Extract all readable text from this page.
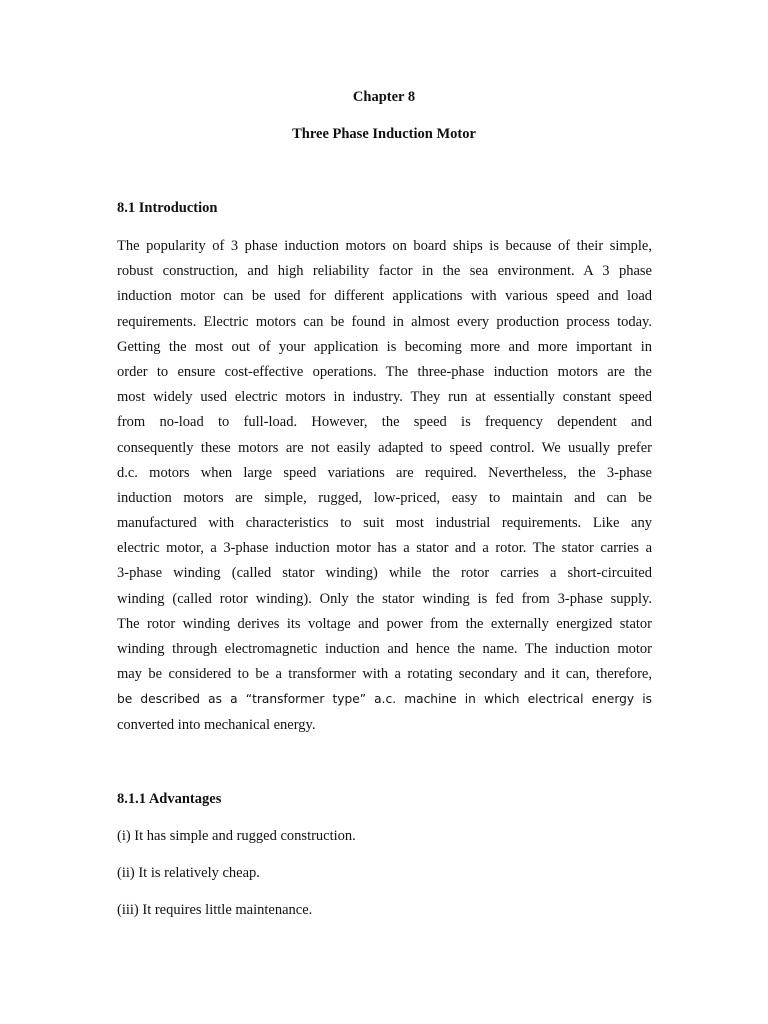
Chapter 8
Three Phase Induction Motor
8.1 Introduction
The popularity of 3 phase induction motors on board ships is because of their simple,
robust construction, and high reliability factor in the sea environment. A 3 phase
induction motor can be used for different applications with various speed and load
requirements. Electric motors can be found in almost every production process today.
Getting the most out of your application is becoming more and more important in
order to ensure cost-effective operations. The three-phase induction motors are the
most widely used electric motors in industry. They run at essentially constant speed
from no-load to full-load. However, the speed is frequency dependent and
consequently these motors are not easily adapted to speed control. We usually prefer
d.c. motors when large speed variations are required. Nevertheless, the 3-phase
induction motors are simple, rugged, low-priced, easy to maintain and can be
manufactured with characteristics to suit most industrial requirements. Like any
electric motor, a 3-phase induction motor has a stator and a rotor. The stator carries a
3-phase winding (called stator winding) while the rotor carries a short-circuited
winding (called rotor winding). Only the stator winding is fed from 3-phase supply.
The rotor winding derives its voltage and power from the externally energized stator
winding through electromagnetic induction and hence the name. The induction motor
may be considered to be a transformer with a rotating secondary and it can, therefore,
be described as a “transformer type” a.c. machine in which electrical energy is
converted into mechanical energy.
8.1.1 Advantages
(i) It has simple and rugged construction.
(ii) It is relatively cheap.
(iii) It requires little maintenance.
